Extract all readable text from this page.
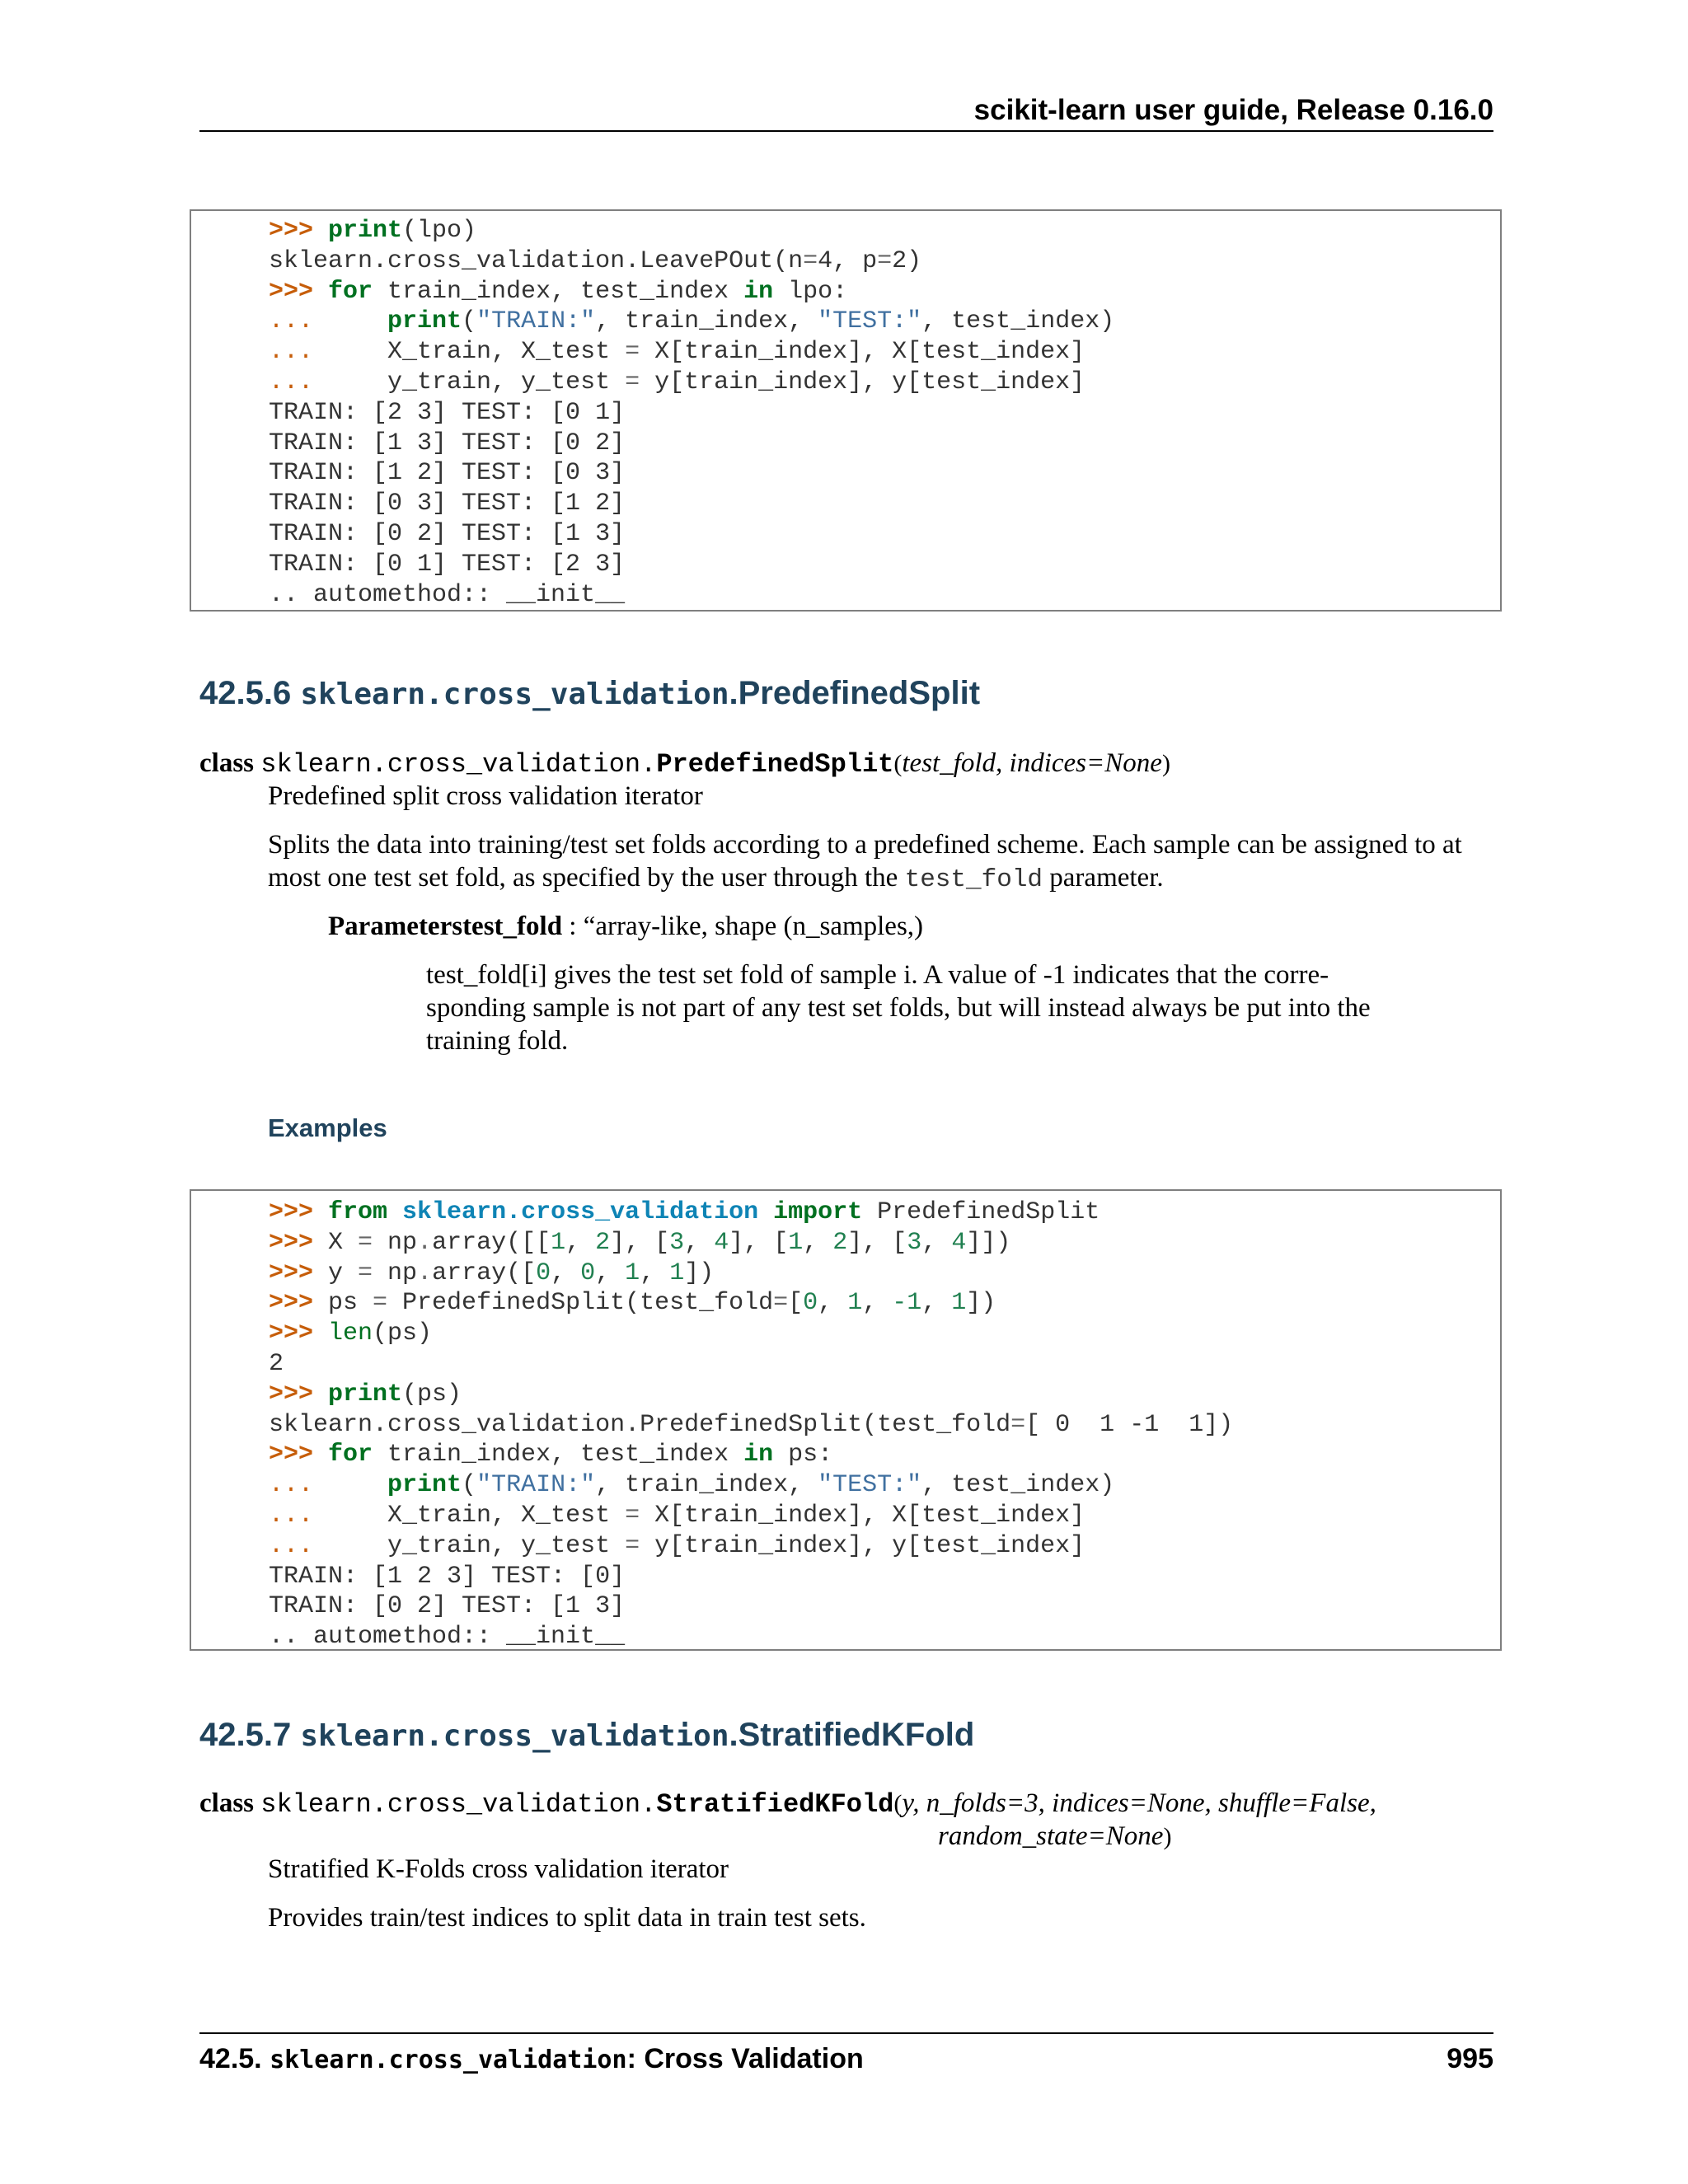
scikit-learn user guide, Release 0.16.0
>>> print(lpo)
sklearn.cross_validation.LeavePOut(n=4, p=2)
>>> for train_index, test_index in lpo:
...     print("TRAIN:", train_index, "TEST:", test_index)
...     X_train, X_test = X[train_index], X[test_index]
...     y_train, y_test = y[train_index], y[test_index]
TRAIN: [2 3] TEST: [0 1]
TRAIN: [1 3] TEST: [0 2]
TRAIN: [1 2] TEST: [0 3]
TRAIN: [0 3] TEST: [1 2]
TRAIN: [0 2] TEST: [1 3]
TRAIN: [0 1] TEST: [2 3]
.. automethod:: __init__
42.5.6 sklearn.cross_validation.PredefinedSplit
class sklearn.cross_validation.PredefinedSplit(test_fold, indices=None)
Predefined split cross validation iterator
Splits the data into training/test set folds according to a predefined scheme. Each sample can be assigned to at
most one test set fold, as specified by the user through the test_fold parameter.
Parameterstest_fold : “array-like, shape (n_samples,)
test_fold[i] gives the test set fold of sample i. A value of -1 indicates that the corre-
sponding sample is not part of any test set folds, but will instead always be put into the
training fold.
Examples
>>> from sklearn.cross_validation import PredefinedSplit
>>> X = np.array([[1, 2], [3, 4], [1, 2], [3, 4]])
>>> y = np.array([0, 0, 1, 1])
>>> ps = PredefinedSplit(test_fold=[0, 1, -1, 1])
>>> len(ps)
2
>>> print(ps)
sklearn.cross_validation.PredefinedSplit(test_fold=[ 0  1 -1  1])
>>> for train_index, test_index in ps:
...     print("TRAIN:", train_index, "TEST:", test_index)
...     X_train, X_test = X[train_index], X[test_index]
...     y_train, y_test = y[train_index], y[test_index]
TRAIN: [1 2 3] TEST: [0]
TRAIN: [0 2] TEST: [1 3]
.. automethod:: __init__
42.5.7 sklearn.cross_validation.StratifiedKFold
class sklearn.cross_validation.StratifiedKFold(y, n_folds=3, indices=None, shuffle=False,
random_state=None)
Stratified K-Folds cross validation iterator
Provides train/test indices to split data in train test sets.
42.5. sklearn.cross_validation: Cross Validation	995
